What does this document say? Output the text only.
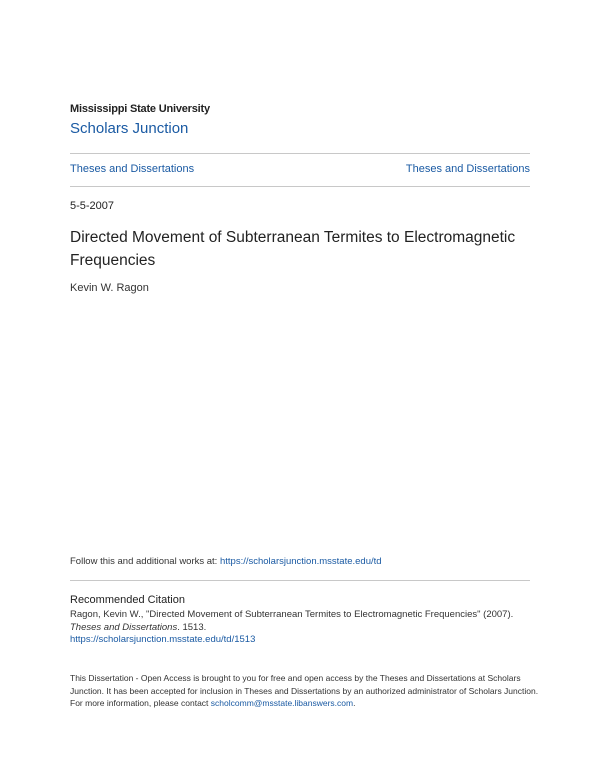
Mississippi State University
Scholars Junction
Theses and Dissertations	Theses and Dissertations
5-5-2007
Directed Movement of Subterranean Termites to Electromagnetic Frequencies
Kevin W. Ragon
Follow this and additional works at: https://scholarsjunction.msstate.edu/td
Recommended Citation
Ragon, Kevin W., "Directed Movement of Subterranean Termites to Electromagnetic Frequencies" (2007).
Theses and Dissertations. 1513.
https://scholarsjunction.msstate.edu/td/1513
This Dissertation - Open Access is brought to you for free and open access by the Theses and Dissertations at Scholars Junction. It has been accepted for inclusion in Theses and Dissertations by an authorized administrator of Scholars Junction. For more information, please contact scholcomm@msstate.libanswers.com.
